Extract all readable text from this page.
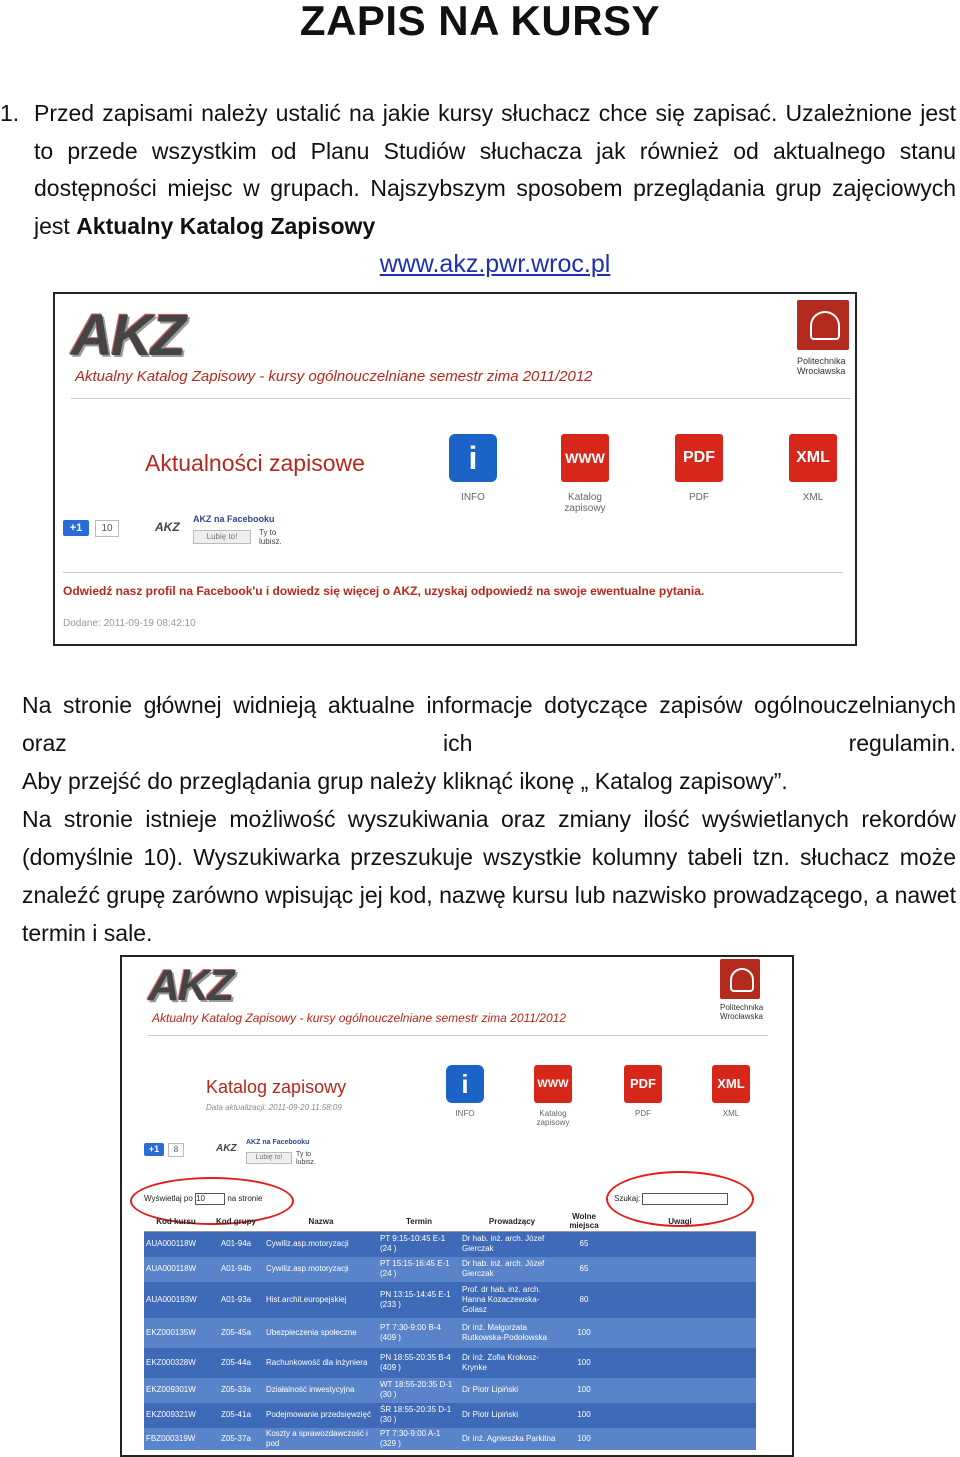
ZAPIS NA KURSY
1. Przed zapisami należy ustalić na jakie kursy słuchacz chce się zapisać. Uzależnione jest to przede wszystkim od Planu Studiów słuchacza jak również od aktualnego stanu dostępności miejsc w grupach. Najszybszym sposobem przeglądania grup zajęciowych jest Aktualny Katalog Zapisowy
www.akz.pwr.wroc.pl
AKZ
Aktualny Katalog Zapisowy - kursy ogólnouczelniane semestr zima 2011/2012
Politechnika Wrocławska
Aktualności zapisowe	i
INFO
WWW
Katalog zapisowy
PDF
PDF
XML
XML
+1	10	AKZ
AKZ na Facebooku
Lubię to!	Ty to lubisz.
Odwiedź nasz profil na Facebook'u i dowiedz się więcej o AKZ, uzyskaj odpowiedź na swoje ewentualne pytania.
Dodane: 2011-09-19 08:42:10
Na stronie głównej widnieją aktualne informacje dotyczące zapisów ogólnouczelnianych oraz ich regulamin.
Aby przejść do przeglądania grup należy kliknąć ikonę „ Katalog zapisowy”.
Na stronie istnieje możliwość wyszukiwania oraz zmiany ilość wyświetlanych rekordów (domyślnie 10). Wyszukiwarka przeszukuje wszystkie kolumny tabeli tzn. słuchacz może znaleźć grupę zarówno wpisując jej kod, nazwę kursu lub nazwisko prowadzącego, a nawet termin i sale.
AKZ
Aktualny Katalog Zapisowy - kursy ogólnouczelniane semestr zima 2011/2012
Politechnika Wrocławska
Katalog zapisowy
Data aktualizacji: 2011-09-20 11:58:09
i
INFO
WWW
Katalog zapisowy
PDF
PDF
XML
XML
+1	8	AKZ
AKZ na Facebooku
Lubię to!	Ty to lubisz.
Wyświetlaj po 10	na stronie	Szukaj:
Kod kursu	Kod grupy	Nazwa	Termin	Prowadzący	Wolne miejsca	Uwagi
AUA000118W	A01-94a	Cywiliz.asp.motoryzacji	PT 9:15-10:45 E-1 (24 )	Dr hab. inż. arch. Józef Gierczak	65	
AUA000118W	A01-94b	Cywiliz.asp.motoryzacji	PT 15:15-16:45 E-1 (24 )	Dr hab. inż. arch. Józef Gierczak	65	
AUA000193W	A01-93a	Hist.archit.europejskiej	PN 13:15-14:45 E-1 (233 )	Prof. dr hab. inż. arch. Hanna Kozaczewska-Golasz	80	
EKZ000135W	Z05-45a	Ubezpieczenia społeczne	PT 7:30-9:00 B-4 (409 )	Dr inż. Małgorzata Rutkowska-Podołowska	100	
EKZ000328W	Z05-44a	Rachunkowość dla inżyniera	PN 18:55-20:35 B-4 (409 )	Dr inż. Zofia Krokosz-Krynke	100	
EKZ009301W	Z05-33a	Działalność inwestycyjna	WT 18:55-20:35 D-1 (30 )	Dr Piotr Lipiński	100	
EKZ009321W	Z05-41a	Podejmowanie przedsięwzięć	ŚR 18:55-20:35 D-1 (30 )	Dr Piotr Lipiński	100	
FBZ000319W	Z05-37a	Koszty a sprawozdawczość i pod	PT 7:30-9:00 A-1 (329 )	Dr inż. Agnieszka Parkitna	100	
